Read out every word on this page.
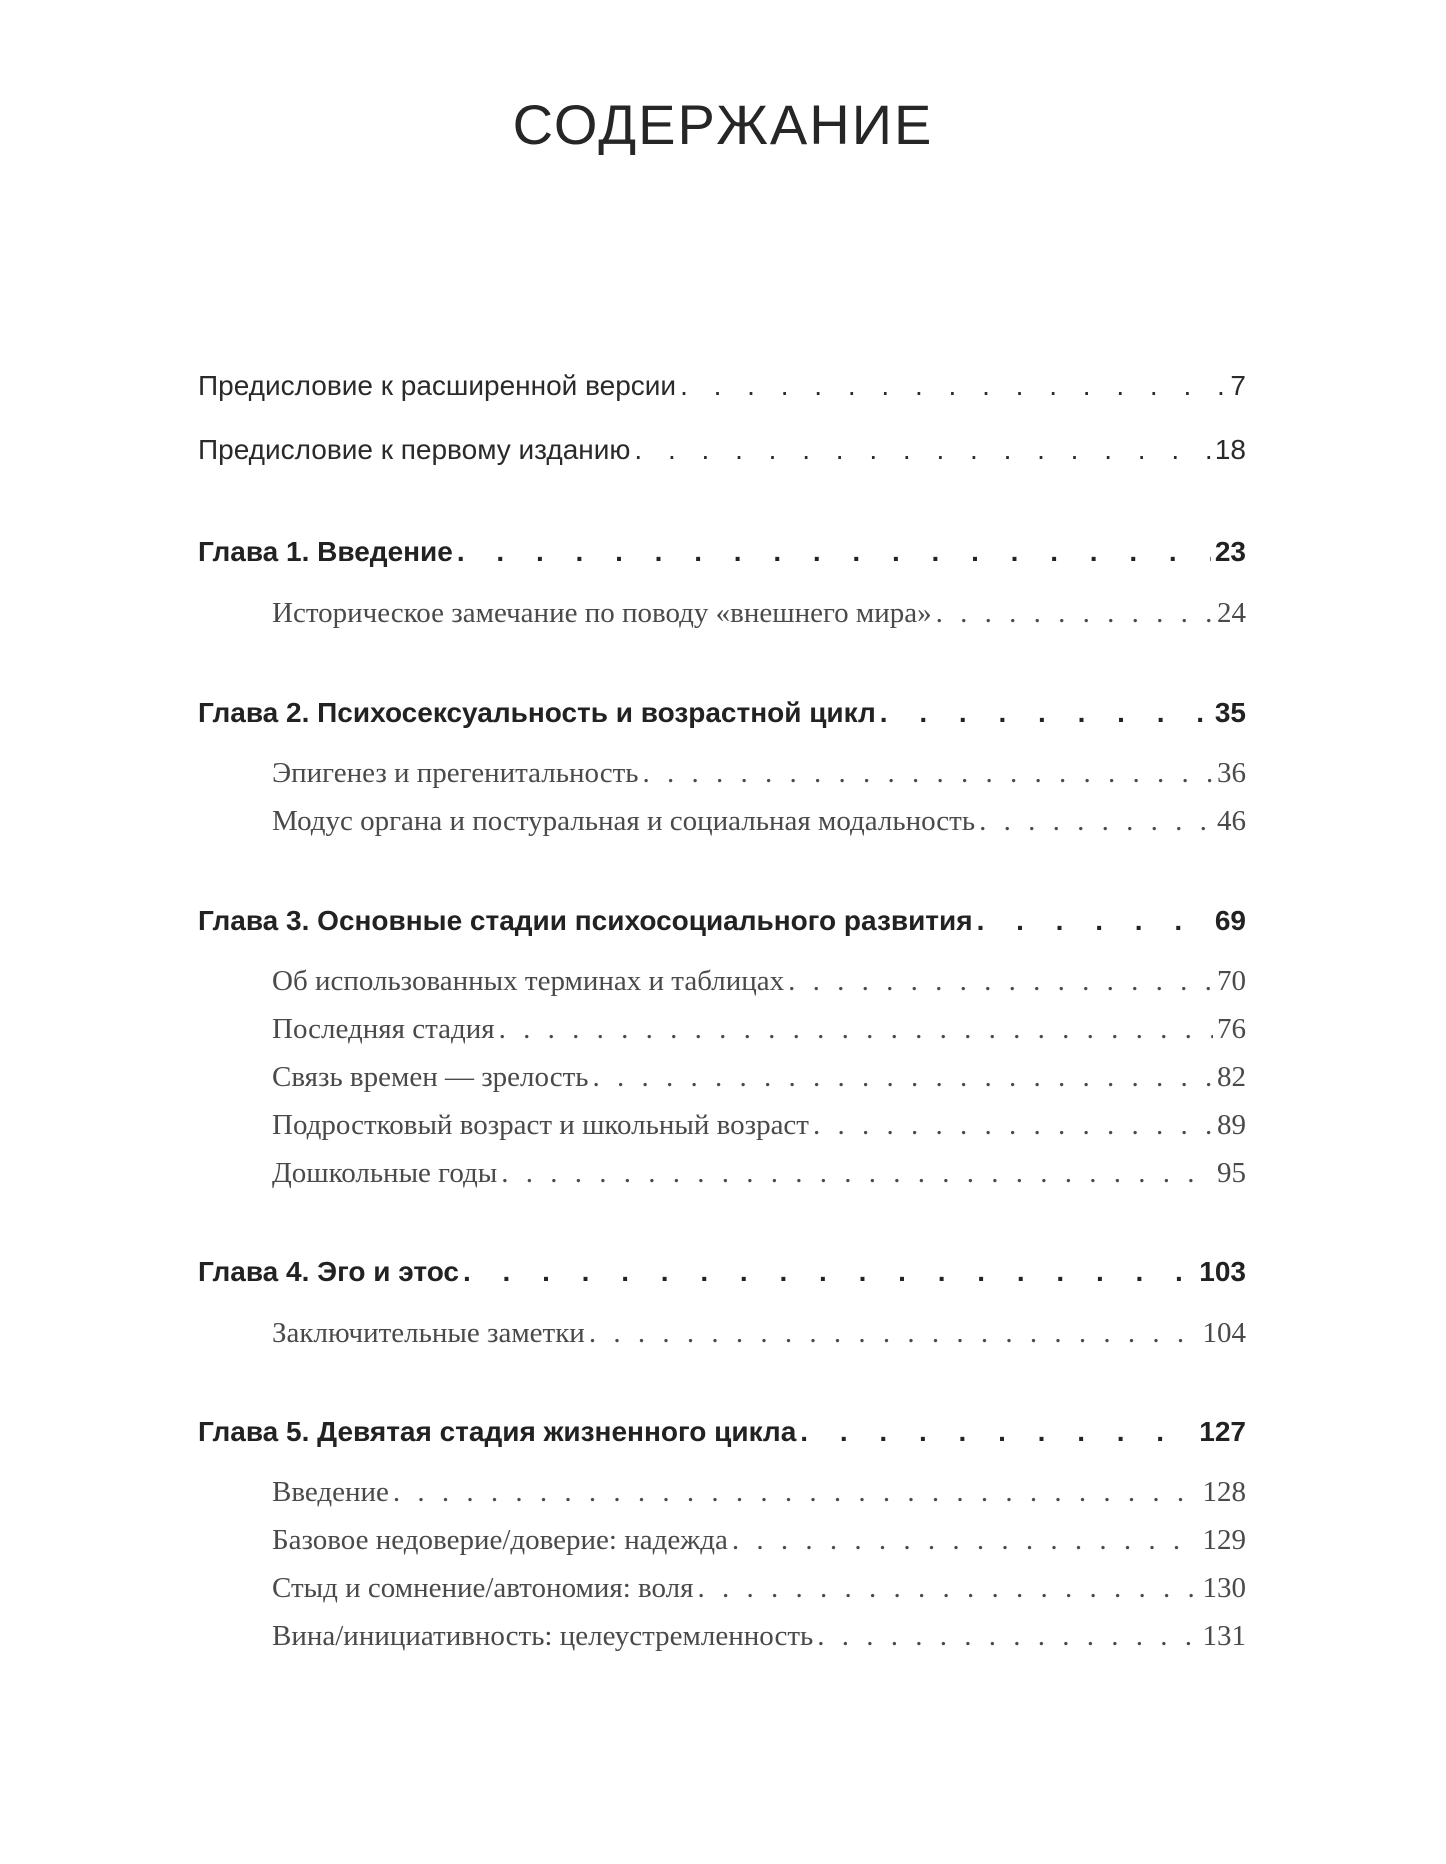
СОДЕРЖАНИЕ
Предисловие к расширенной версии . . .	7
Предисловие к первому изданию . . .	18
Глава 1. Введение . . .	23
Историческое замечание по поводу «внешнего мира» . . .	24
Глава 2. Психосексуальность и возрастной цикл . . .	35
Эпигенез и прегенитальность . . .	36
Модус органа и постуральная и социальная модальность . . .	46
Глава 3. Основные стадии психосоциального развития . . .	69
Об использованных терминах и таблицах . . .	70
Последняя стадия . . .	76
Связь времен — зрелость . . .	82
Подростковый возраст и школьный возраст . . .	89
Дошкольные годы . . .	95
Глава 4. Эго и этос . . .	103
Заключительные заметки . . .	104
Глава 5. Девятая стадия жизненного цикла . . .	127
Введение . . .	128
Базовое недоверие/доверие: надежда . . .	129
Стыд и сомнение/автономия: воля . . .	130
Вина/инициативность: целеустремленность . . .	131
